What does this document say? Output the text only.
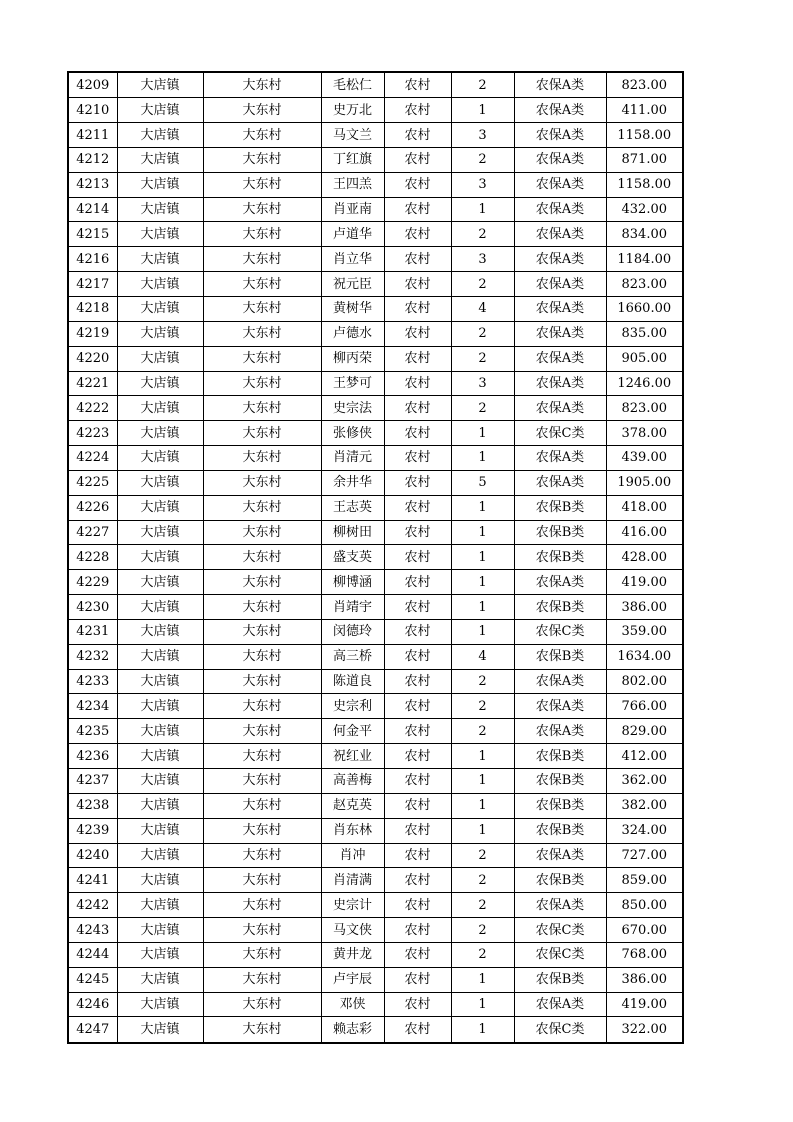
4209	大店镇	大东村	毛松仁	农村	2	农保A类	823.00
4210	大店镇	大东村	史万北	农村	1	农保A类	411.00
4211	大店镇	大东村	马文兰	农村	3	农保A类	1158.00
4212	大店镇	大东村	丁红旗	农村	2	农保A类	871.00
4213	大店镇	大东村	王四羔	农村	3	农保A类	1158.00
4214	大店镇	大东村	肖亚南	农村	1	农保A类	432.00
4215	大店镇	大东村	卢道华	农村	2	农保A类	834.00
4216	大店镇	大东村	肖立华	农村	3	农保A类	1184.00
4217	大店镇	大东村	祝元臣	农村	2	农保A类	823.00
4218	大店镇	大东村	黄树华	农村	4	农保A类	1660.00
4219	大店镇	大东村	卢德水	农村	2	农保A类	835.00
4220	大店镇	大东村	柳丙荣	农村	2	农保A类	905.00
4221	大店镇	大东村	王梦可	农村	3	农保A类	1246.00
4222	大店镇	大东村	史宗法	农村	2	农保A类	823.00
4223	大店镇	大东村	张修侠	农村	1	农保C类	378.00
4224	大店镇	大东村	肖清元	农村	1	农保A类	439.00
4225	大店镇	大东村	余井华	农村	5	农保A类	1905.00
4226	大店镇	大东村	王志英	农村	1	农保B类	418.00
4227	大店镇	大东村	柳树田	农村	1	农保B类	416.00
4228	大店镇	大东村	盛支英	农村	1	农保B类	428.00
4229	大店镇	大东村	柳博涵	农村	1	农保A类	419.00
4230	大店镇	大东村	肖靖宇	农村	1	农保B类	386.00
4231	大店镇	大东村	闵德玲	农村	1	农保C类	359.00
4232	大店镇	大东村	高三桥	农村	4	农保B类	1634.00
4233	大店镇	大东村	陈道良	农村	2	农保A类	802.00
4234	大店镇	大东村	史宗利	农村	2	农保A类	766.00
4235	大店镇	大东村	何金平	农村	2	农保A类	829.00
4236	大店镇	大东村	祝红业	农村	1	农保B类	412.00
4237	大店镇	大东村	高善梅	农村	1	农保B类	362.00
4238	大店镇	大东村	赵克英	农村	1	农保B类	382.00
4239	大店镇	大东村	肖东林	农村	1	农保B类	324.00
4240	大店镇	大东村	肖冲	农村	2	农保A类	727.00
4241	大店镇	大东村	肖清满	农村	2	农保B类	859.00
4242	大店镇	大东村	史宗计	农村	2	农保A类	850.00
4243	大店镇	大东村	马文侠	农村	2	农保C类	670.00
4244	大店镇	大东村	黄井龙	农村	2	农保C类	768.00
4245	大店镇	大东村	卢宇辰	农村	1	农保B类	386.00
4246	大店镇	大东村	邓侠	农村	1	农保A类	419.00
4247	大店镇	大东村	赖志彩	农村	1	农保C类	322.00
